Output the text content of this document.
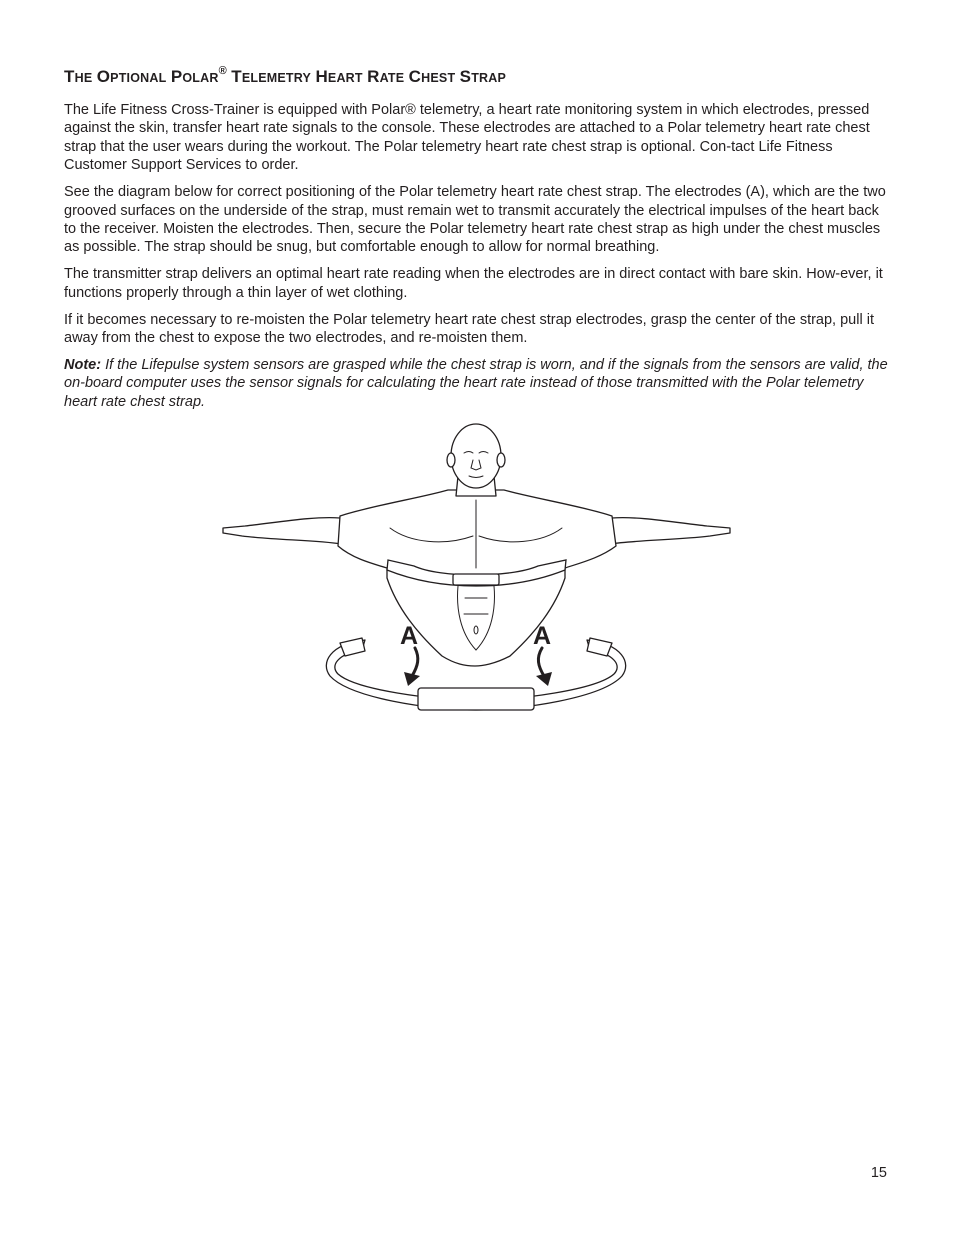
THE OPTIONAL POLAR® TELEMETRY HEART RATE CHEST STRAP

The Life Fitness Cross-Trainer is equipped with Polar® telemetry, a heart rate monitoring system in which electrodes, pressed against the skin, transfer heart rate signals to the console. These electrodes are attached to a Polar telemetry heart rate chest strap that the user wears during the workout. The Polar telemetry heart rate chest strap is optional. Con-tact Life Fitness Customer Support Services to order.

See the diagram below for correct positioning of the Polar telemetry heart rate chest strap. The electrodes (A), which are the two grooved surfaces on the underside of the strap, must remain wet to transmit accurately the electrical impulses of the heart back to the receiver. Moisten the electrodes. Then, secure the Polar telemetry heart rate chest strap as high under the chest muscles as possible. The strap should be snug, but comfortable enough to allow for normal breathing.

The transmitter strap delivers an optimal heart rate reading when the electrodes are in direct contact with bare skin. How-ever, it functions properly through a thin layer of wet clothing.

If it becomes necessary to re-moisten the Polar telemetry heart rate chest strap electrodes, grasp the center of the strap, pull it away from the chest to expose the two electrodes, and re-moisten them.

Note: If the Lifepulse system sensors are grasped while the chest strap is worn, and if the signals from the sensors are valid, the on-board computer uses the sensor signals for calculating the heart rate instead of those transmitted with the Polar telemetry heart rate chest strap.

A	A
15
